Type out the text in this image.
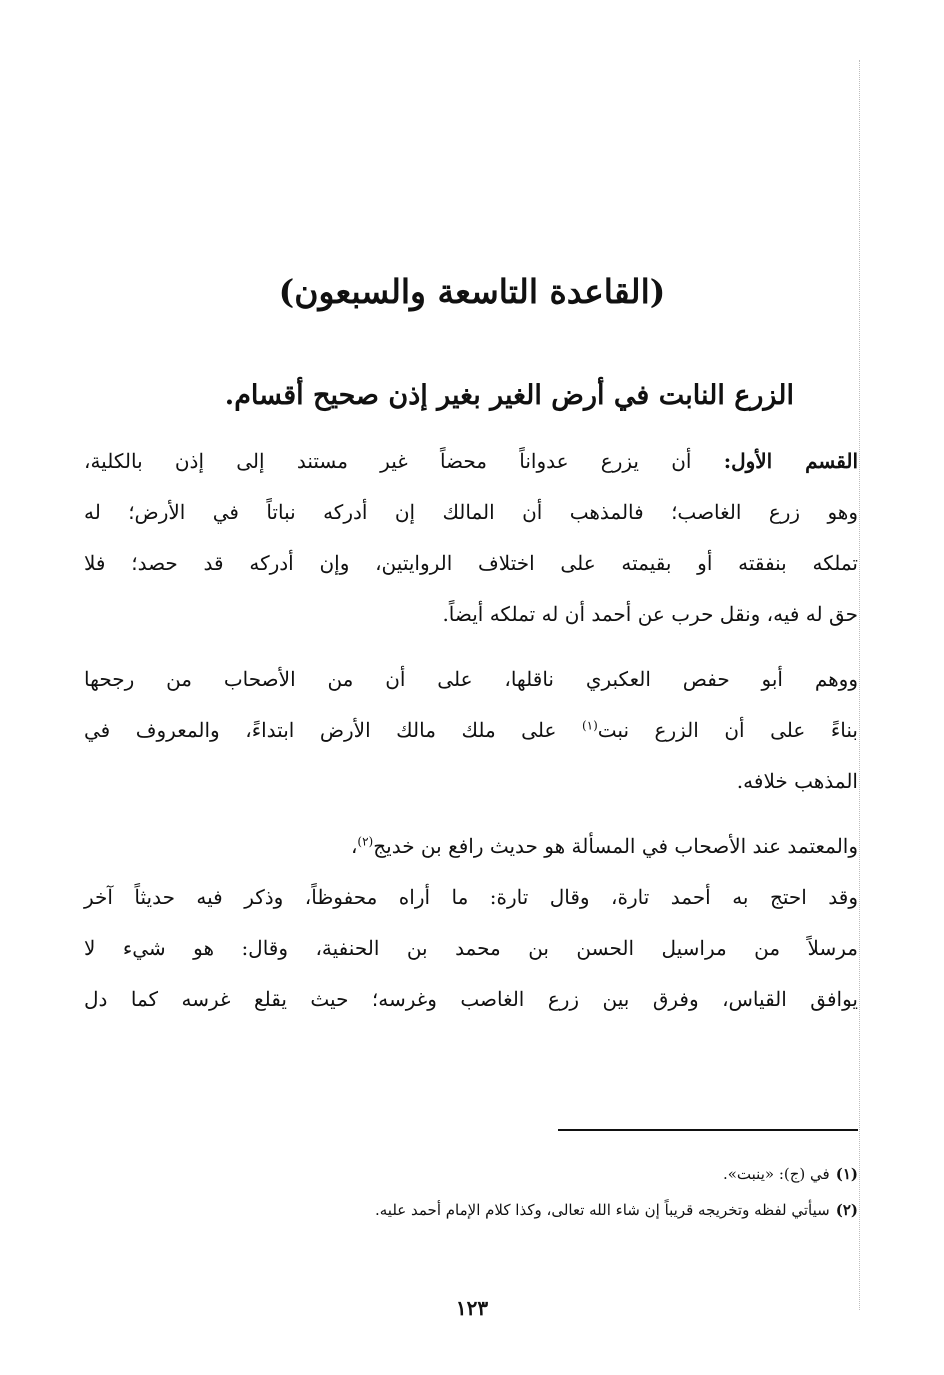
(القاعدة التاسعة والسبعون)
الزرع النابت في أرض الغير بغير إذن صحيح أقسام.
القسم الأول: أن يزرع عدواناً محضاً غير مستند إلى إذن بالكلية،
وهو زرع الغاصب؛ فالمذهب أن المالك إن أدركه نباتاً في الأرض؛ له
تملكه بنفقته أو بقيمته على اختلاف الروايتين، وإن أدركه قد حصد؛ فلا
حق له فيه، ونقل حرب عن أحمد أن له تملكه أيضاً.
ووهم أبو حفص العكبري ناقلها، على أن من الأصحاب من رجحها
بناءً على أن الزرع نبت$^{(١)}$ على ملك مالك الأرض ابتداءً، والمعروف في
المذهب خلافه.
والمعتمد عند الأصحاب في المسألة هو حديث رافع بن خديج$^{(٢)}$،
وقد احتج به أحمد تارة، وقال تارة: ما أراه محفوظاً، وذكر فيه حديثاً آخر
مرسلاً من مراسيل الحسن بن محمد بن الحنفية، وقال: هو شيء لا
يوافق القياس، وفرق بين زرع الغاصب وغرسه؛ حيث يقلع غرسه كما دل
(١)في (ج): «ينبت».
(٢)سيأتي لفظه وتخريجه قريباً إن شاء الله تعالى، وكذا كلام الإمام أحمد عليه.
١٢٣
